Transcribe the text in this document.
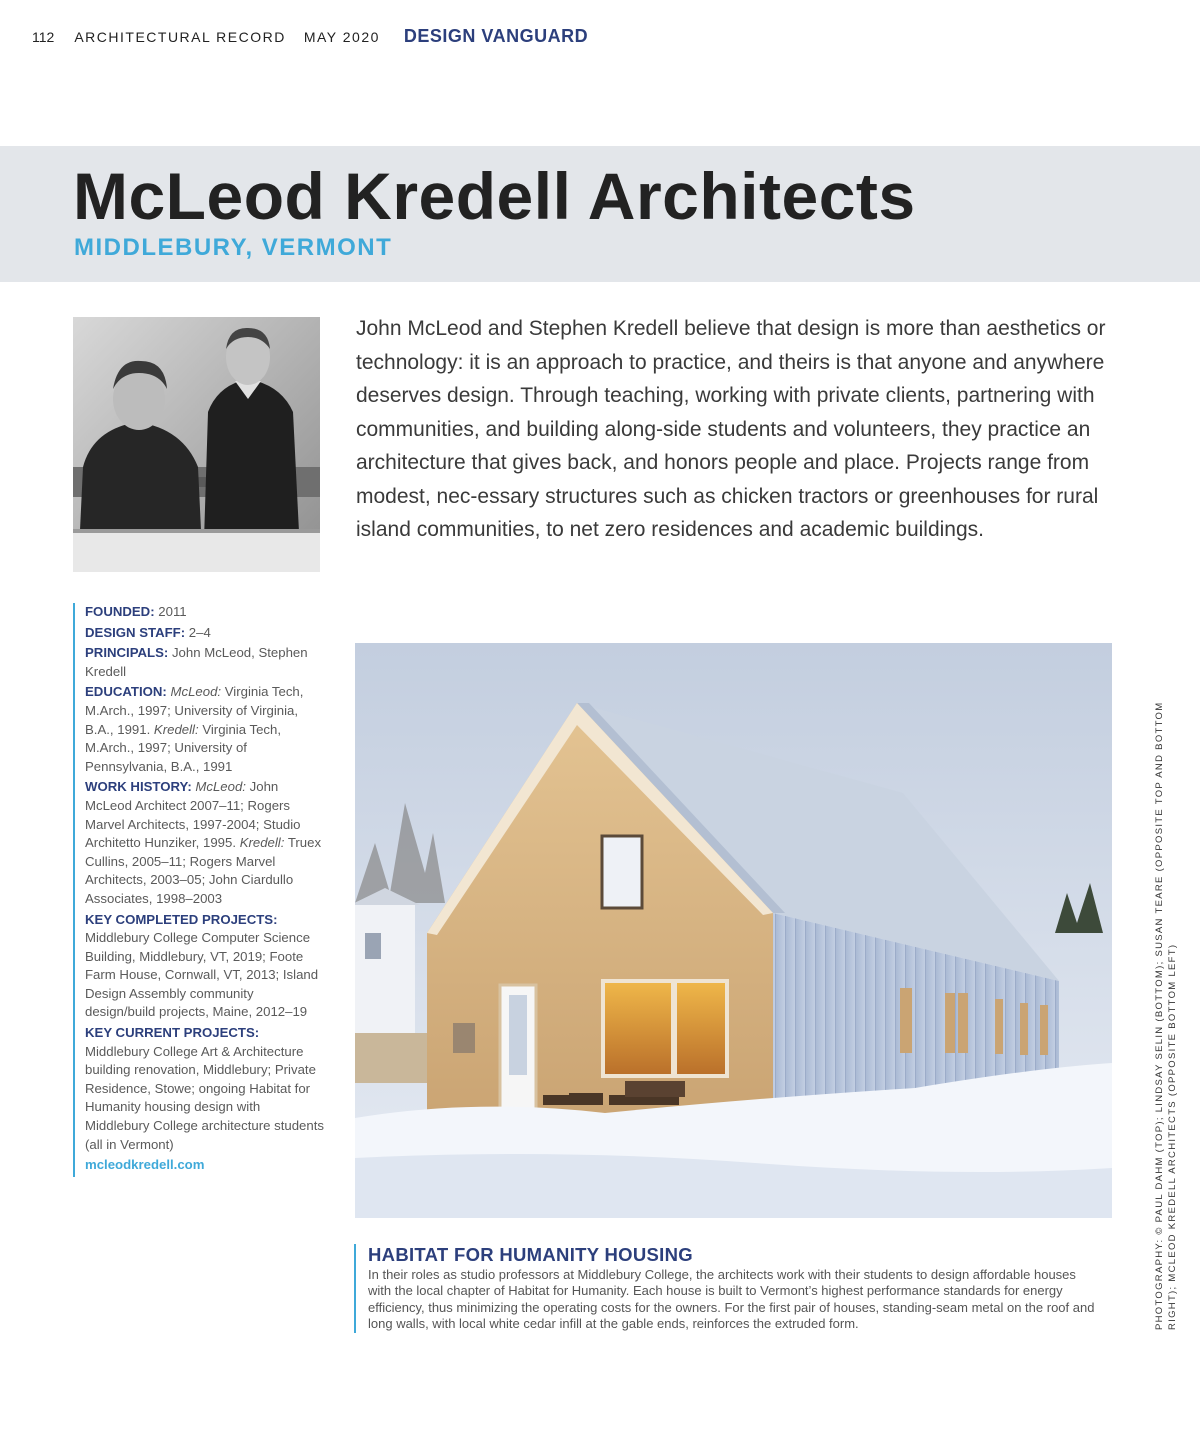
112 ARCHITECTURAL RECORD MAY 2020 DESIGN VANGUARD
McLeod Kredell Architects
MIDDLEBURY, VERMONT

John McLeod and Stephen Kredell believe that design is more than aesthetics or technology: it is an approach to practice, and theirs is that anyone and anywhere deserves design. Through teaching, working with private clients, partnering with communities, and building along-side students and volunteers, they practice an architecture that gives back, and honors people and place. Projects range from modest, nec-essary structures such as chicken tractors or greenhouses for rural island communities, to net zero residences and academic buildings.

FOUNDED: 2011
DESIGN STAFF: 2–4
PRINCIPALS: John McLeod, Stephen Kredell
EDUCATION: McLeod: Virginia Tech, M.Arch., 1997; University of Virginia, B.A., 1991. Kredell: Virginia Tech, M.Arch., 1997; University of Pennsylvania, B.A., 1991
WORK HISTORY: McLeod: John McLeod Architect 2007–11; Rogers Marvel Architects, 1997-2004; Studio Architetto Hunziker, 1995. Kredell: Truex Cullins, 2005–11; Rogers Marvel Architects, 2003–05; John Ciardullo Associates, 1998–2003
KEY COMPLETED PROJECTS:
Middlebury College Computer Science Building, Middlebury, VT, 2019; Foote Farm House, Cornwall, VT, 2013; Island Design Assembly community design/build projects, Maine, 2012–19
KEY CURRENT PROJECTS:
Middlebury College Art & Architecture building renovation, Middlebury; Private Residence, Stowe; ongoing Habitat for Humanity housing design with Middlebury College architecture students (all in Vermont)
mcleodkredell.com	PHOTOGRAPHY: © PAUL DAHM (TOP); LINDSAY SELIN (BOTTOM); SUSAN TEARE (OPPOSITE TOP AND BOTTOM RIGHT); MCLEOD KREDELL ARCHITECTS (OPPOSITE BOTTOM LEFT)
HABITAT FOR HUMANITY HOUSING

In their roles as studio professors at Middlebury College, the architects work with their students to design affordable houses with the local chapter of Habitat for Humanity. Each house is built to Vermont’s highest performance standards for energy efficiency, thus minimizing the operating costs for the owners. For the first pair of houses, standing-seam metal on the roof and long walls, with local white cedar infill at the gable ends, reinforces the extruded form.
